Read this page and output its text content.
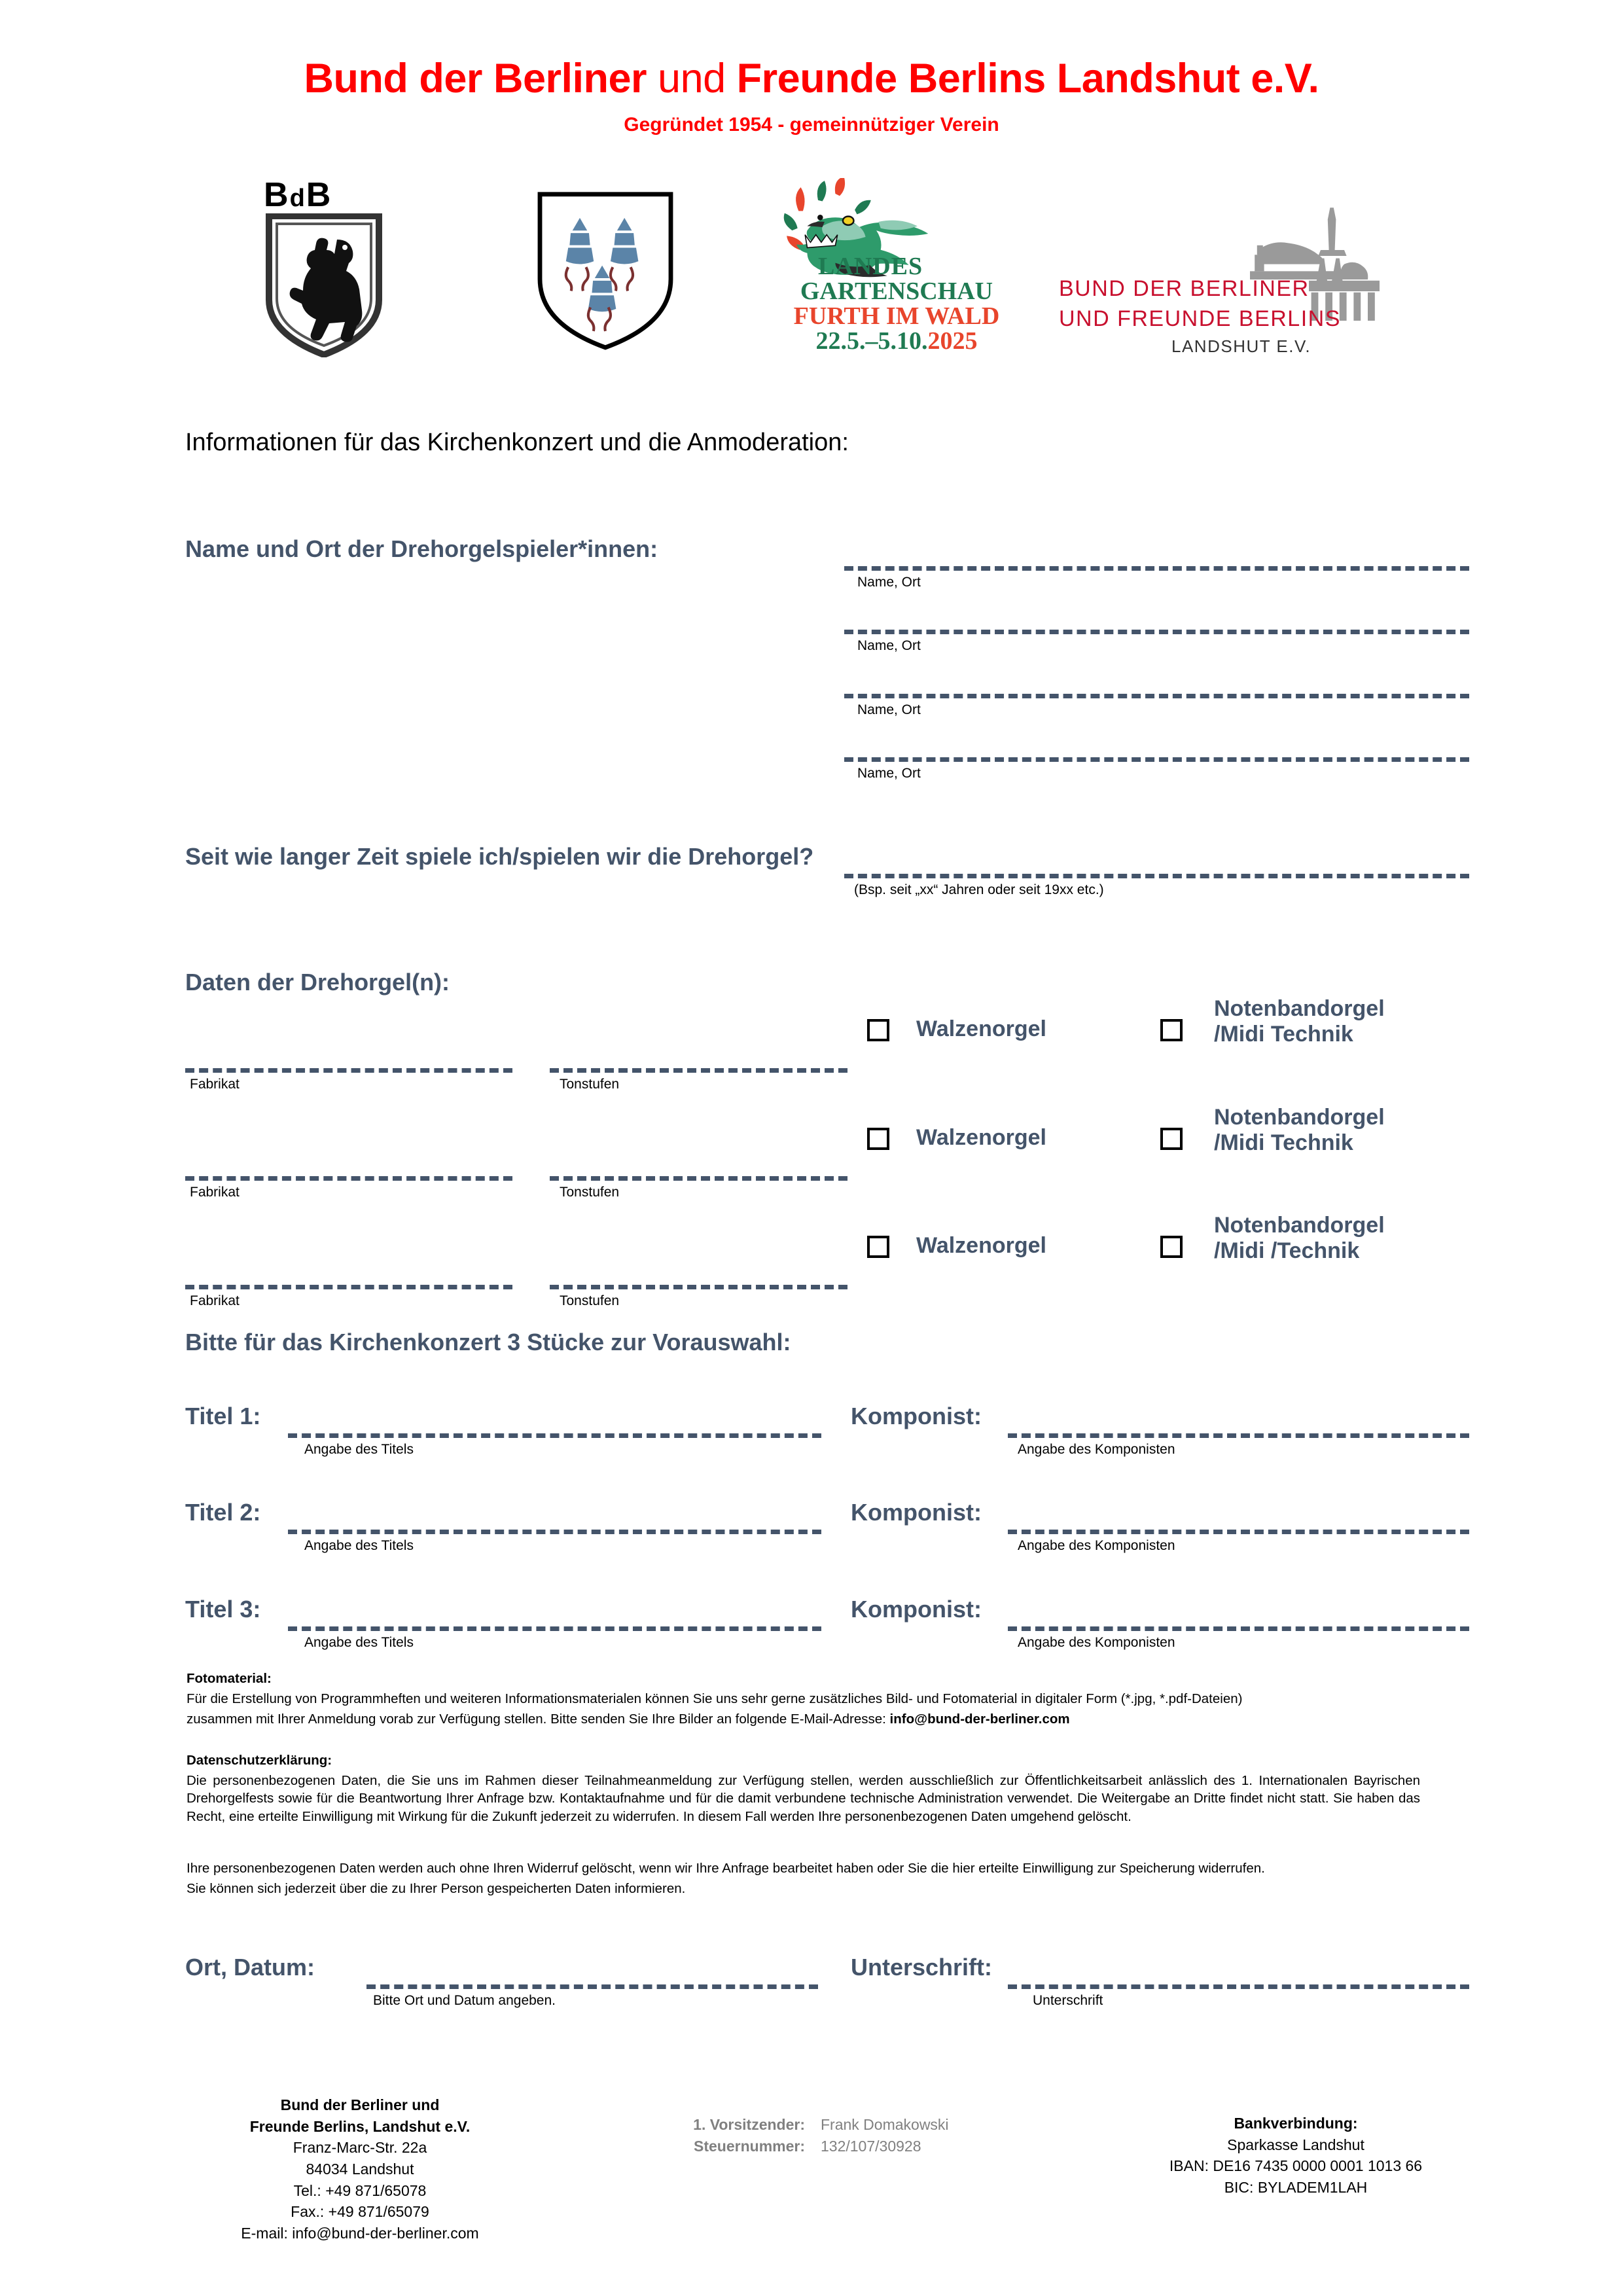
Bund der Berliner und Freunde Berlins Landshut e.V.
Gegründet 1954 - gemeinnütziger Verein
BdB
LANDES
GARTENSCHAU
FURTH IM WALD
22.5.–5.10.2025
BUND DER BERLINER
UND FREUNDE BERLINS
LANDSHUT E.V.
Informationen für das Kirchenkonzert und die Anmoderation:
Name und Ort der Drehorgelspieler*innen:
Name, Ort
Name, Ort
Name, Ort
Name, Ort
Seit wie langer Zeit spiele ich/spielen wir die Drehorgel?
(Bsp. seit „xx“ Jahren oder seit 19xx etc.)
Daten der Drehorgel(n):
Walzenorgel
Notenbandorgel
/Midi Technik
Fabrikat	Tonstufen
Walzenorgel
Notenbandorgel
/Midi Technik
Fabrikat	Tonstufen
Walzenorgel
Notenbandorgel
/Midi /Technik
Fabrikat	Tonstufen
Bitte für das Kirchenkonzert 3 Stücke zur Vorauswahl:
Titel 1:
Angabe des Titels
Komponist:
Angabe des Komponisten
Titel 2:
Angabe des Titels
Komponist:
Angabe des Komponisten
Titel 3:
Angabe des Titels
Komponist:
Angabe des Komponisten
Fotomaterial:
Für die Erstellung von Programmheften und weiteren Informationsmaterialen können Sie uns sehr gerne zusätzliches Bild- und Fotomaterial in digitaler Form (*.jpg, *.pdf-Dateien)
zusammen mit Ihrer Anmeldung vorab zur Verfügung stellen. Bitte senden Sie Ihre Bilder an folgende E-Mail-Adresse: info@bund-der-berliner.com
Datenschutzerklärung:
Die personenbezogenen Daten, die Sie uns im Rahmen dieser Teilnahmeanmeldung zur Verfügung stellen, werden ausschließlich zur Öffentlichkeitsarbeit anlässlich des 1. Internationalen Bayrischen Drehorgelfests sowie für die Beantwortung Ihrer Anfrage bzw. Kontaktaufnahme und für die damit verbundene technische Administration verwendet. Die Weitergabe an Dritte findet nicht statt. Sie haben das Recht, eine erteilte Einwilligung mit Wirkung für die Zukunft jederzeit zu widerrufen. In diesem Fall werden Ihre personenbezogenen Daten umgehend gelöscht.
Ihre personenbezogenen Daten werden auch ohne Ihren Widerruf gelöscht, wenn wir Ihre Anfrage bearbeitet haben oder Sie die hier erteilte Einwilligung zur Speicherung widerrufen.
Sie können sich jederzeit über die zu Ihrer Person gespeicherten Daten informieren.
Ort, Datum:
Bitte Ort und Datum angeben.
Unterschrift:
Unterschrift
Bund der Berliner und
Freunde Berlins, Landshut e.V.
Franz-Marc-Str. 22a
84034 Landshut
Tel.: +49 871/65078
Fax.: +49 871/65079
E-mail: info@bund-der-berliner.com
1. Vorsitzender:	Frank Domakowski
Steuernummer:	132/107/30928
Bankverbindung:
Sparkasse Landshut
IBAN: DE16 7435 0000 0001 1013 66
BIC: BYLADEM1LAH
